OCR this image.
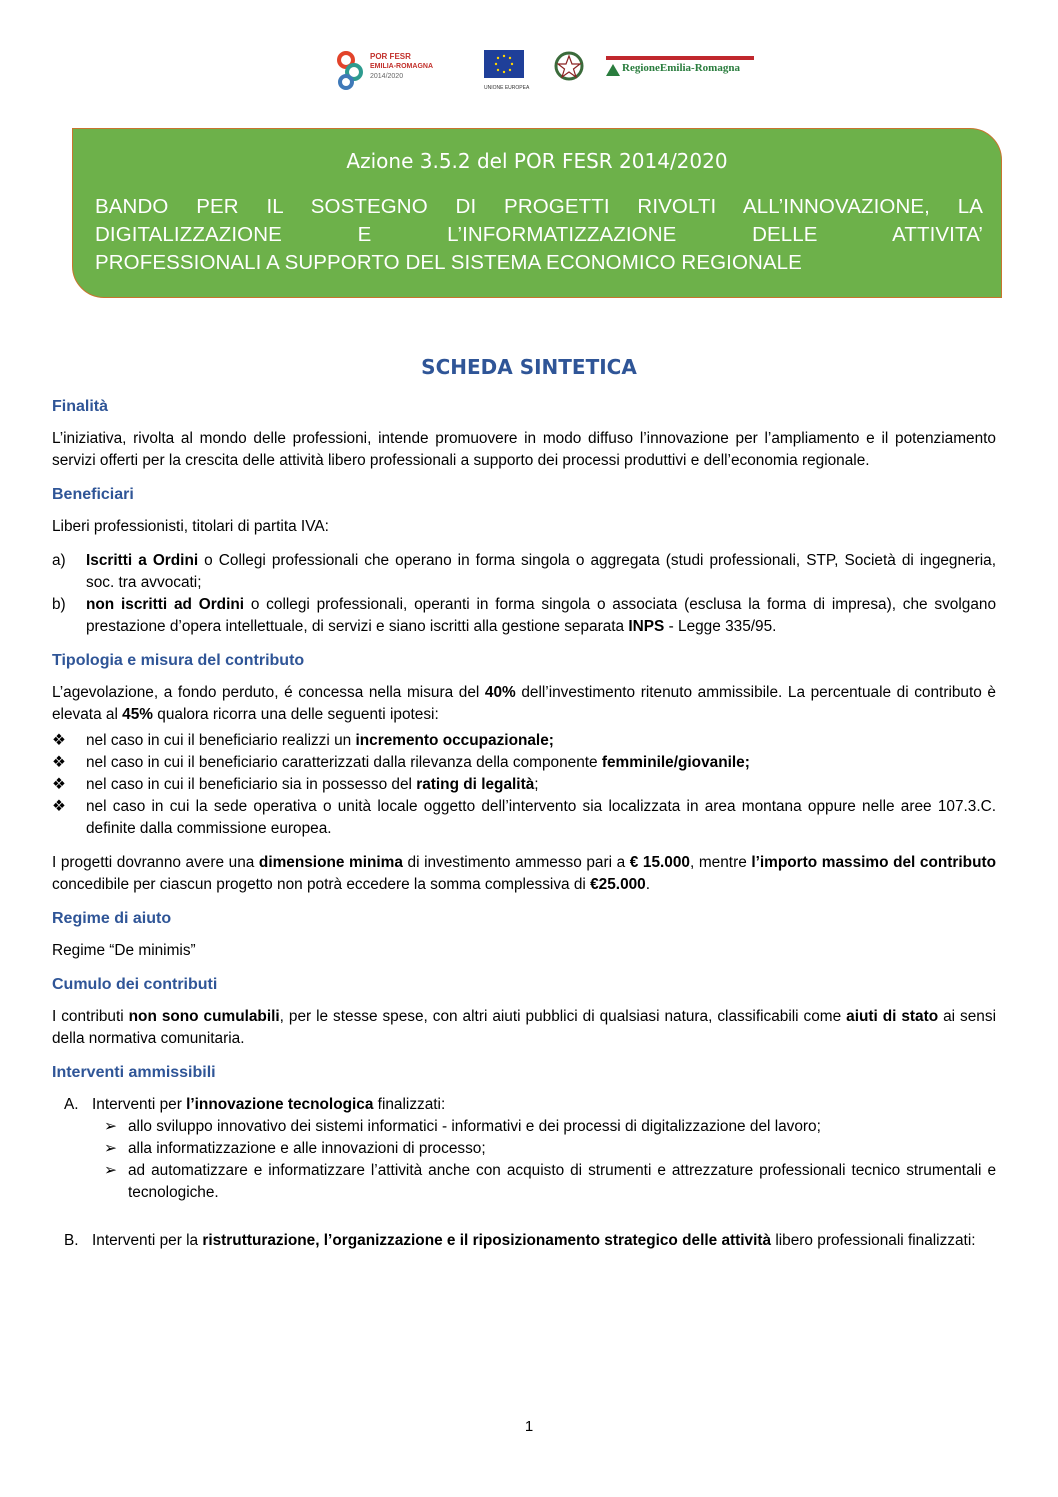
POR FESR
EMILIA-ROMAGNA
2014/2020
UNIONE EUROPEA
RegioneEmilia-Romagna
Azione 3.5.2 del POR FESR 2014/2020
BANDO PER IL SOSTEGNO DI PROGETTI RIVOLTI ALL’INNOVAZIONE, LA
DIGITALIZZAZIONE E L’INFORMATIZZAZIONE DELLE ATTIVITA’
PROFESSIONALI A SUPPORTO DEL SISTEMA ECONOMICO REGIONALE
SCHEDA SINTETICA
Finalità
L’iniziativa, rivolta al mondo delle professioni, intende promuovere in modo diffuso l’innovazione per l’ampliamento e il potenziamento servizi offerti per la crescita delle attività libero professionali a supporto dei processi produttivi e dell’economia regionale.
Beneficiari
Liberi professionisti, titolari di partita IVA:
a)	Iscritti a Ordini o Collegi professionali che operano in forma singola o aggregata (studi professionali, STP, Società di ingegneria, soc. tra avvocati;
b)	non iscritti ad Ordini o collegi professionali, operanti in forma singola o associata (esclusa la forma di impresa), che svolgano prestazione d’opera intellettuale, di servizi e siano iscritti alla gestione separata INPS - Legge 335/95.
Tipologia e misura del contributo
L’agevolazione, a fondo perduto, é concessa nella misura del 40% dell’investimento ritenuto ammissibile. La percentuale di contributo è elevata al 45% qualora ricorra una delle seguenti ipotesi:
❖	nel caso in cui il beneficiario realizzi un incremento occupazionale;
❖	nel caso in cui il beneficiario caratterizzati dalla rilevanza della componente femminile/giovanile;
❖	nel caso in cui il beneficiario sia in possesso del rating di legalità;
❖	nel caso in cui la sede operativa o unità locale oggetto dell’intervento sia localizzata in area montana oppure nelle aree 107.3.C. definite dalla commissione europea.
I progetti dovranno avere una dimensione minima di investimento ammesso pari a € 15.000, mentre l’importo massimo del contributo concedibile per ciascun progetto non potrà eccedere la somma complessiva di €25.000.
Regime di aiuto
Regime “De minimis”
Cumulo dei contributi
I contributi non sono cumulabili, per le stesse spese, con altri aiuti pubblici di qualsiasi natura, classificabili come aiuti di stato ai sensi della normativa comunitaria.
Interventi ammissibili
A. Interventi per l’innovazione tecnologica finalizzati:
➢ allo sviluppo innovativo dei sistemi informatici - informativi e dei processi di digitalizzazione del lavoro;
➢ alla informatizzazione e alle innovazioni di processo;
➢ ad automatizzare e informatizzare l’attività anche con acquisto di strumenti e attrezzature professionali tecnico strumentali e tecnologiche.
B. Interventi per la ristrutturazione, l’organizzazione e il riposizionamento strategico delle attività libero professionali finalizzati:
1
